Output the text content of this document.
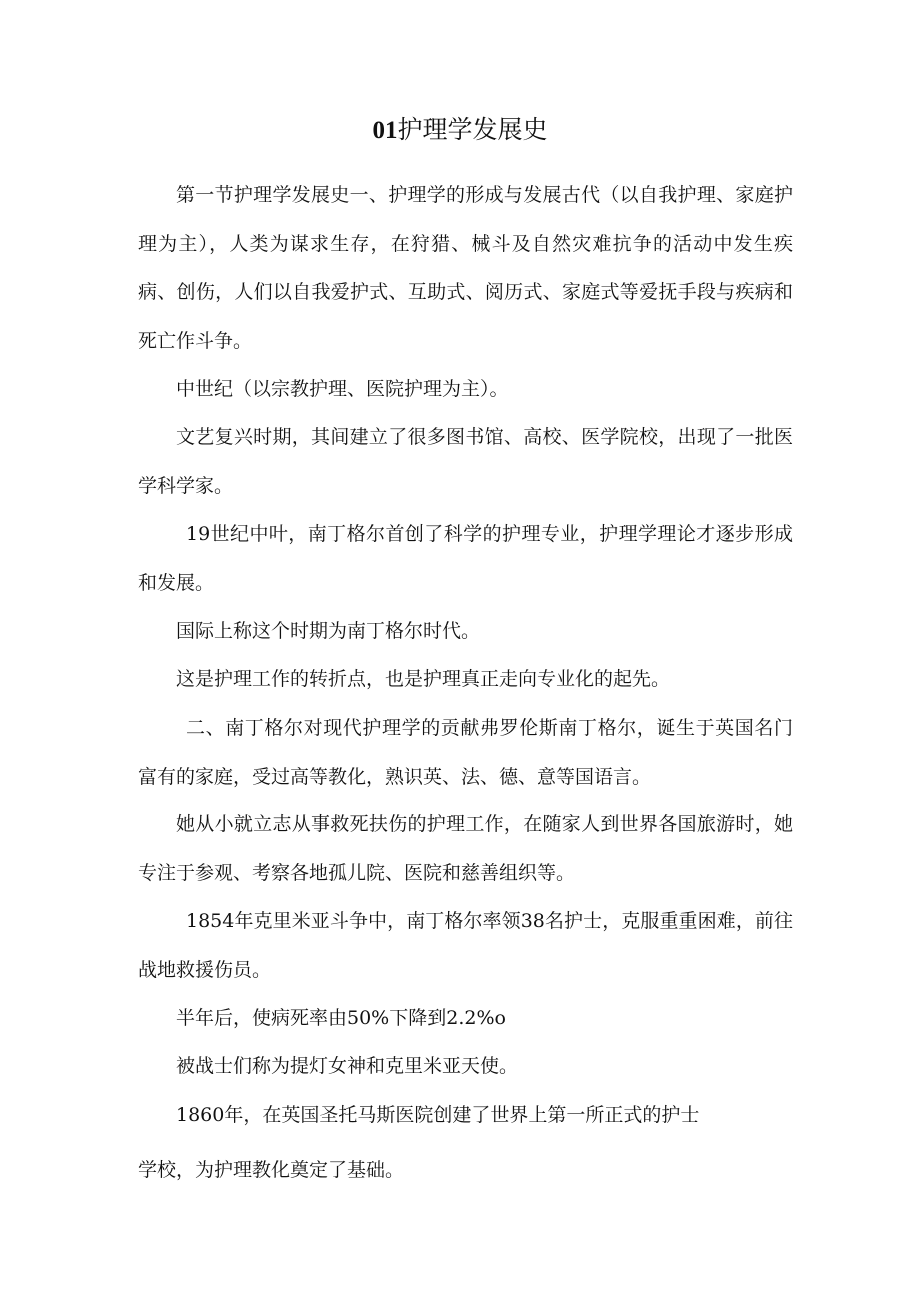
01护理学发展史

第一节护理学发展史一、护理学的形成与发展古代（以自我护理、家庭护理为主），人类为谋求生存，在狩猎、械斗及自然灾难抗争的活动中发生疾病、创伤，人们以自我爱护式、互助式、阅历式、家庭式等爱抚手段与疾病和死亡作斗争。

中世纪（以宗教护理、医院护理为主）。

文艺复兴时期，其间建立了很多图书馆、高校、医学院校，出现了一批医学科学家。

19世纪中叶，南丁格尔首创了科学的护理专业，护理学理论才逐步形成和发展。

国际上称这个时期为南丁格尔时代。

这是护理工作的转折点，也是护理真正走向专业化的起先。

二、南丁格尔对现代护理学的贡献弗罗伦斯南丁格尔，诞生于英国名门富有的家庭，受过高等教化，熟识英、法、德、意等国语言。

她从小就立志从事救死扶伤的护理工作，在随家人到世界各国旅游时，她专注于参观、考察各地孤儿院、医院和慈善组织等。

1854年克里米亚斗争中，南丁格尔率领38名护士，克服重重困难，前往战地救援伤员。

半年后，使病死率由50%下降到2.2%o

被战士们称为提灯女神和克里米亚天使。

1860年，在英国圣托马斯医院创建了世界上第一所正式的护士

学校，为护理教化奠定了基础。
